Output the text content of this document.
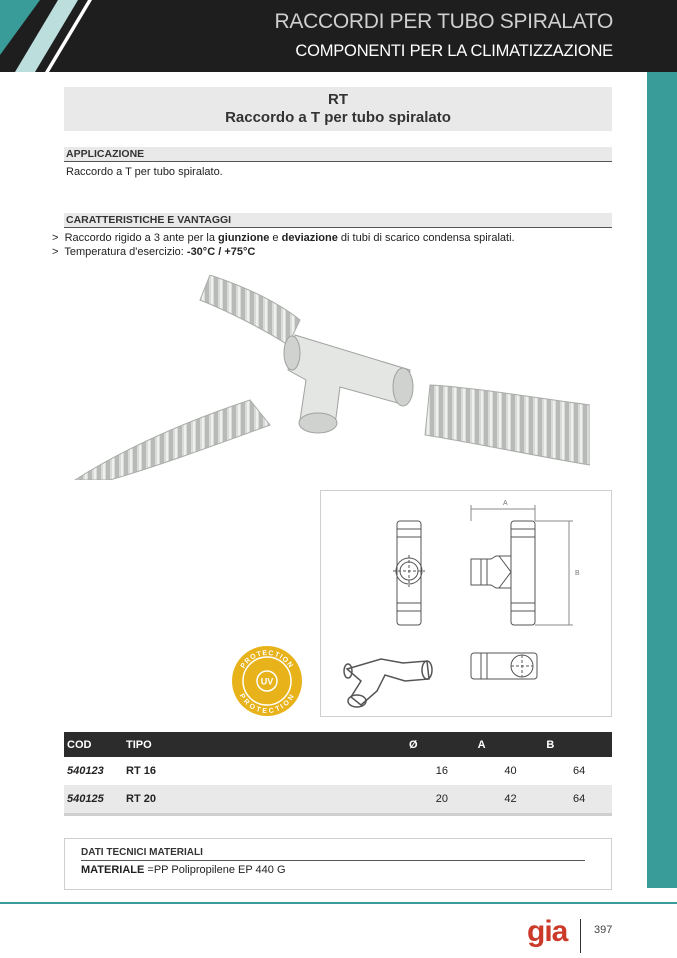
RACCORDI PER TUBO SPIRALATO
COMPONENTI PER LA CLIMATIZZAZIONE
RT
Raccordo a T per tubo spiralato
APPLICAZIONE
Raccordo a T per tubo spiralato.
CARATTERISTICHE E VANTAGGI
> Raccordo rigido a 3 ante per la giunzione e deviazione di tubi di scarico condensa spiralati.
> Temperatura d'esercizio: -30°C / +75°C
PROTECTION
PROTECTION
UV
A
B
COD	TIPO	Ø	A	B
540123	RT 16	16	40	64
540125	RT 20	20	42	64
DATI TECNICI MATERIALI
MATERIALE =PP Polipropilene EP 440 G
gia 397
